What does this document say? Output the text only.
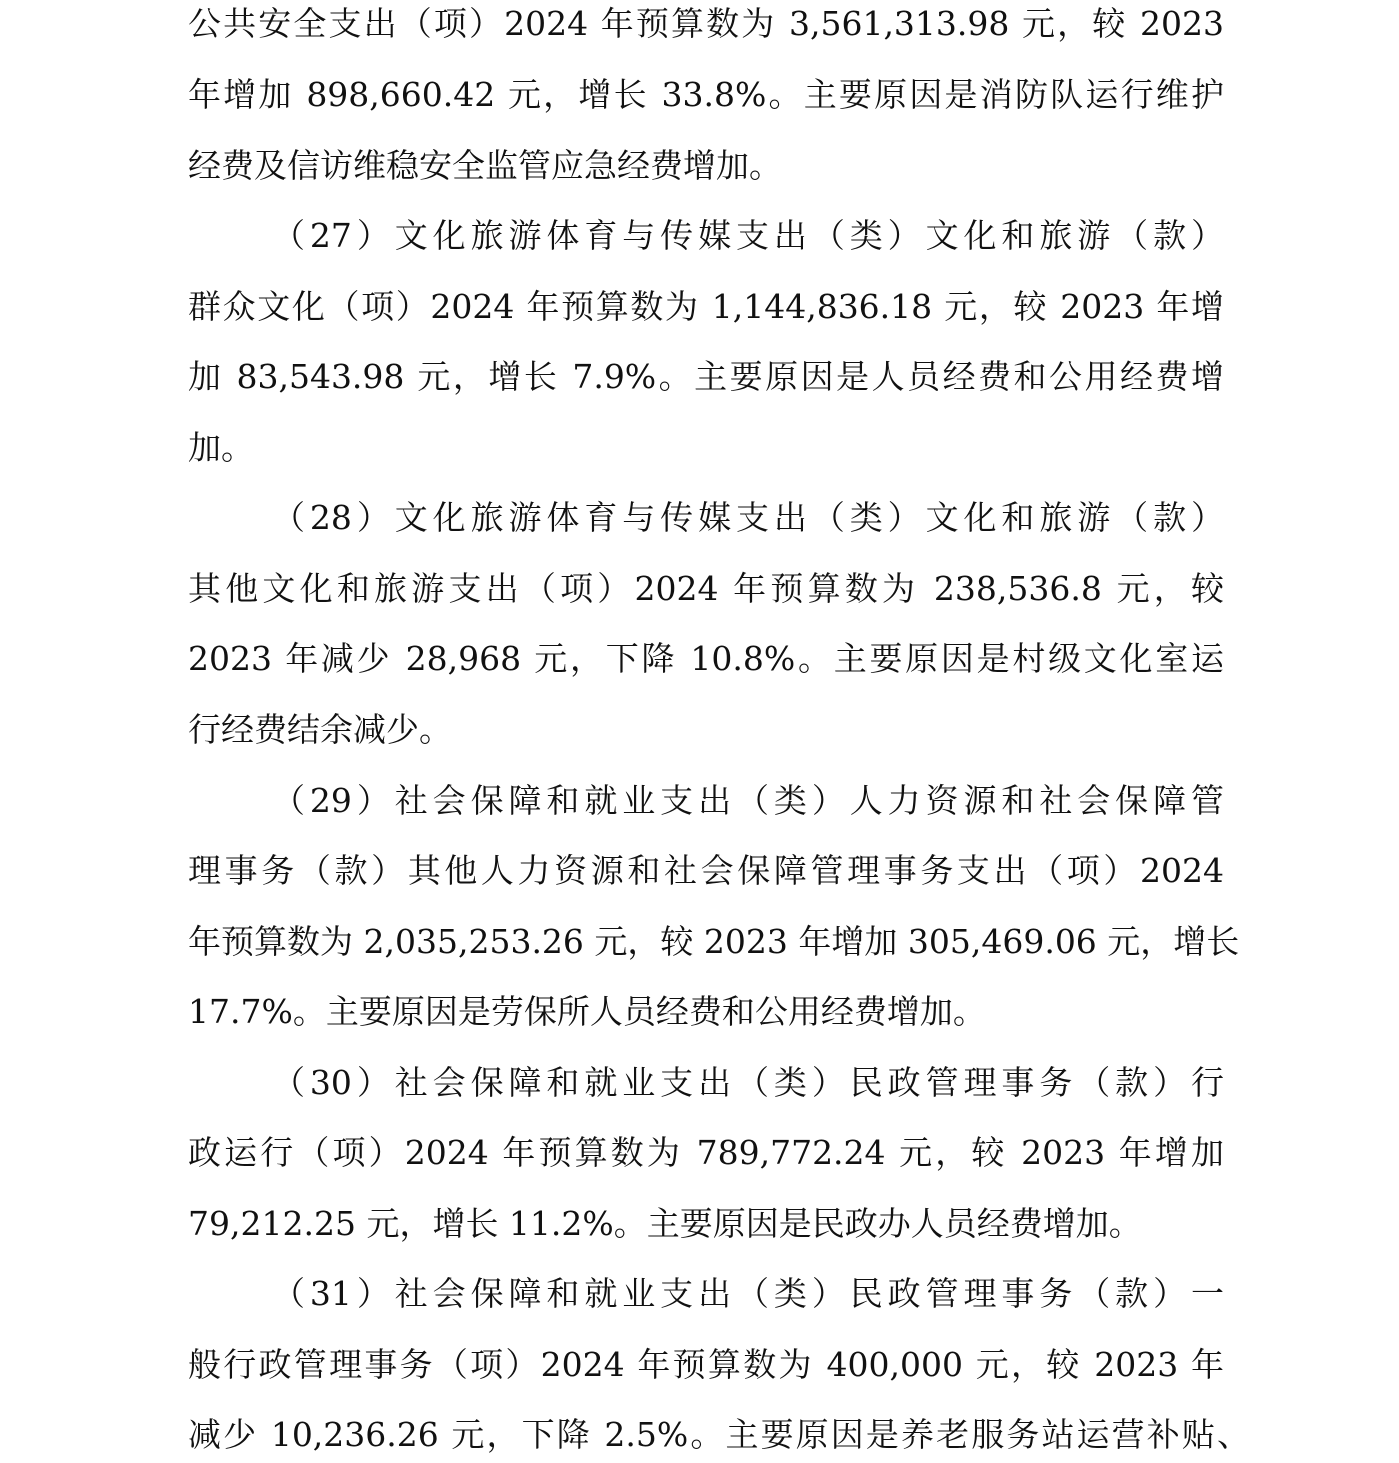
公共安全支出（项）2024 年预算数为 3,561,313.98 元，较 2023
年增加 898,660.42 元，增长 33.8%。主要原因是消防队运行维护
经费及信访维稳安全监管应急经费增加。
（27）文化旅游体育与传媒支出（类）文化和旅游（款）
群众文化（项）2024 年预算数为 1,144,836.18 元，较 2023 年增
加 83,543.98 元，增长 7.9%。主要原因是人员经费和公用经费增
加。
（28）文化旅游体育与传媒支出（类）文化和旅游（款）
其他文化和旅游支出（项）2024 年预算数为 238,536.8 元，较
2023 年减少 28,968 元，下降 10.8%。主要原因是村级文化室运
行经费结余减少。
（29）社会保障和就业支出（类）人力资源和社会保障管
理事务（款）其他人力资源和社会保障管理事务支出（项）2024
年预算数为 2,035,253.26 元，较 2023 年增加 305,469.06 元，增长
17.7%。主要原因是劳保所人员经费和公用经费增加。
（30）社会保障和就业支出（类）民政管理事务（款）行
政运行（项）2024 年预算数为 789,772.24 元，较 2023 年增加
79,212.25 元，增长 11.2%。主要原因是民政办人员经费增加。
（31）社会保障和就业支出（类）民政管理事务（款）一
般行政管理事务（项）2024 年预算数为 400,000 元，较 2023 年
减少 10,236.26 元，下降 2.5%。主要原因是养老服务站运营补贴、
